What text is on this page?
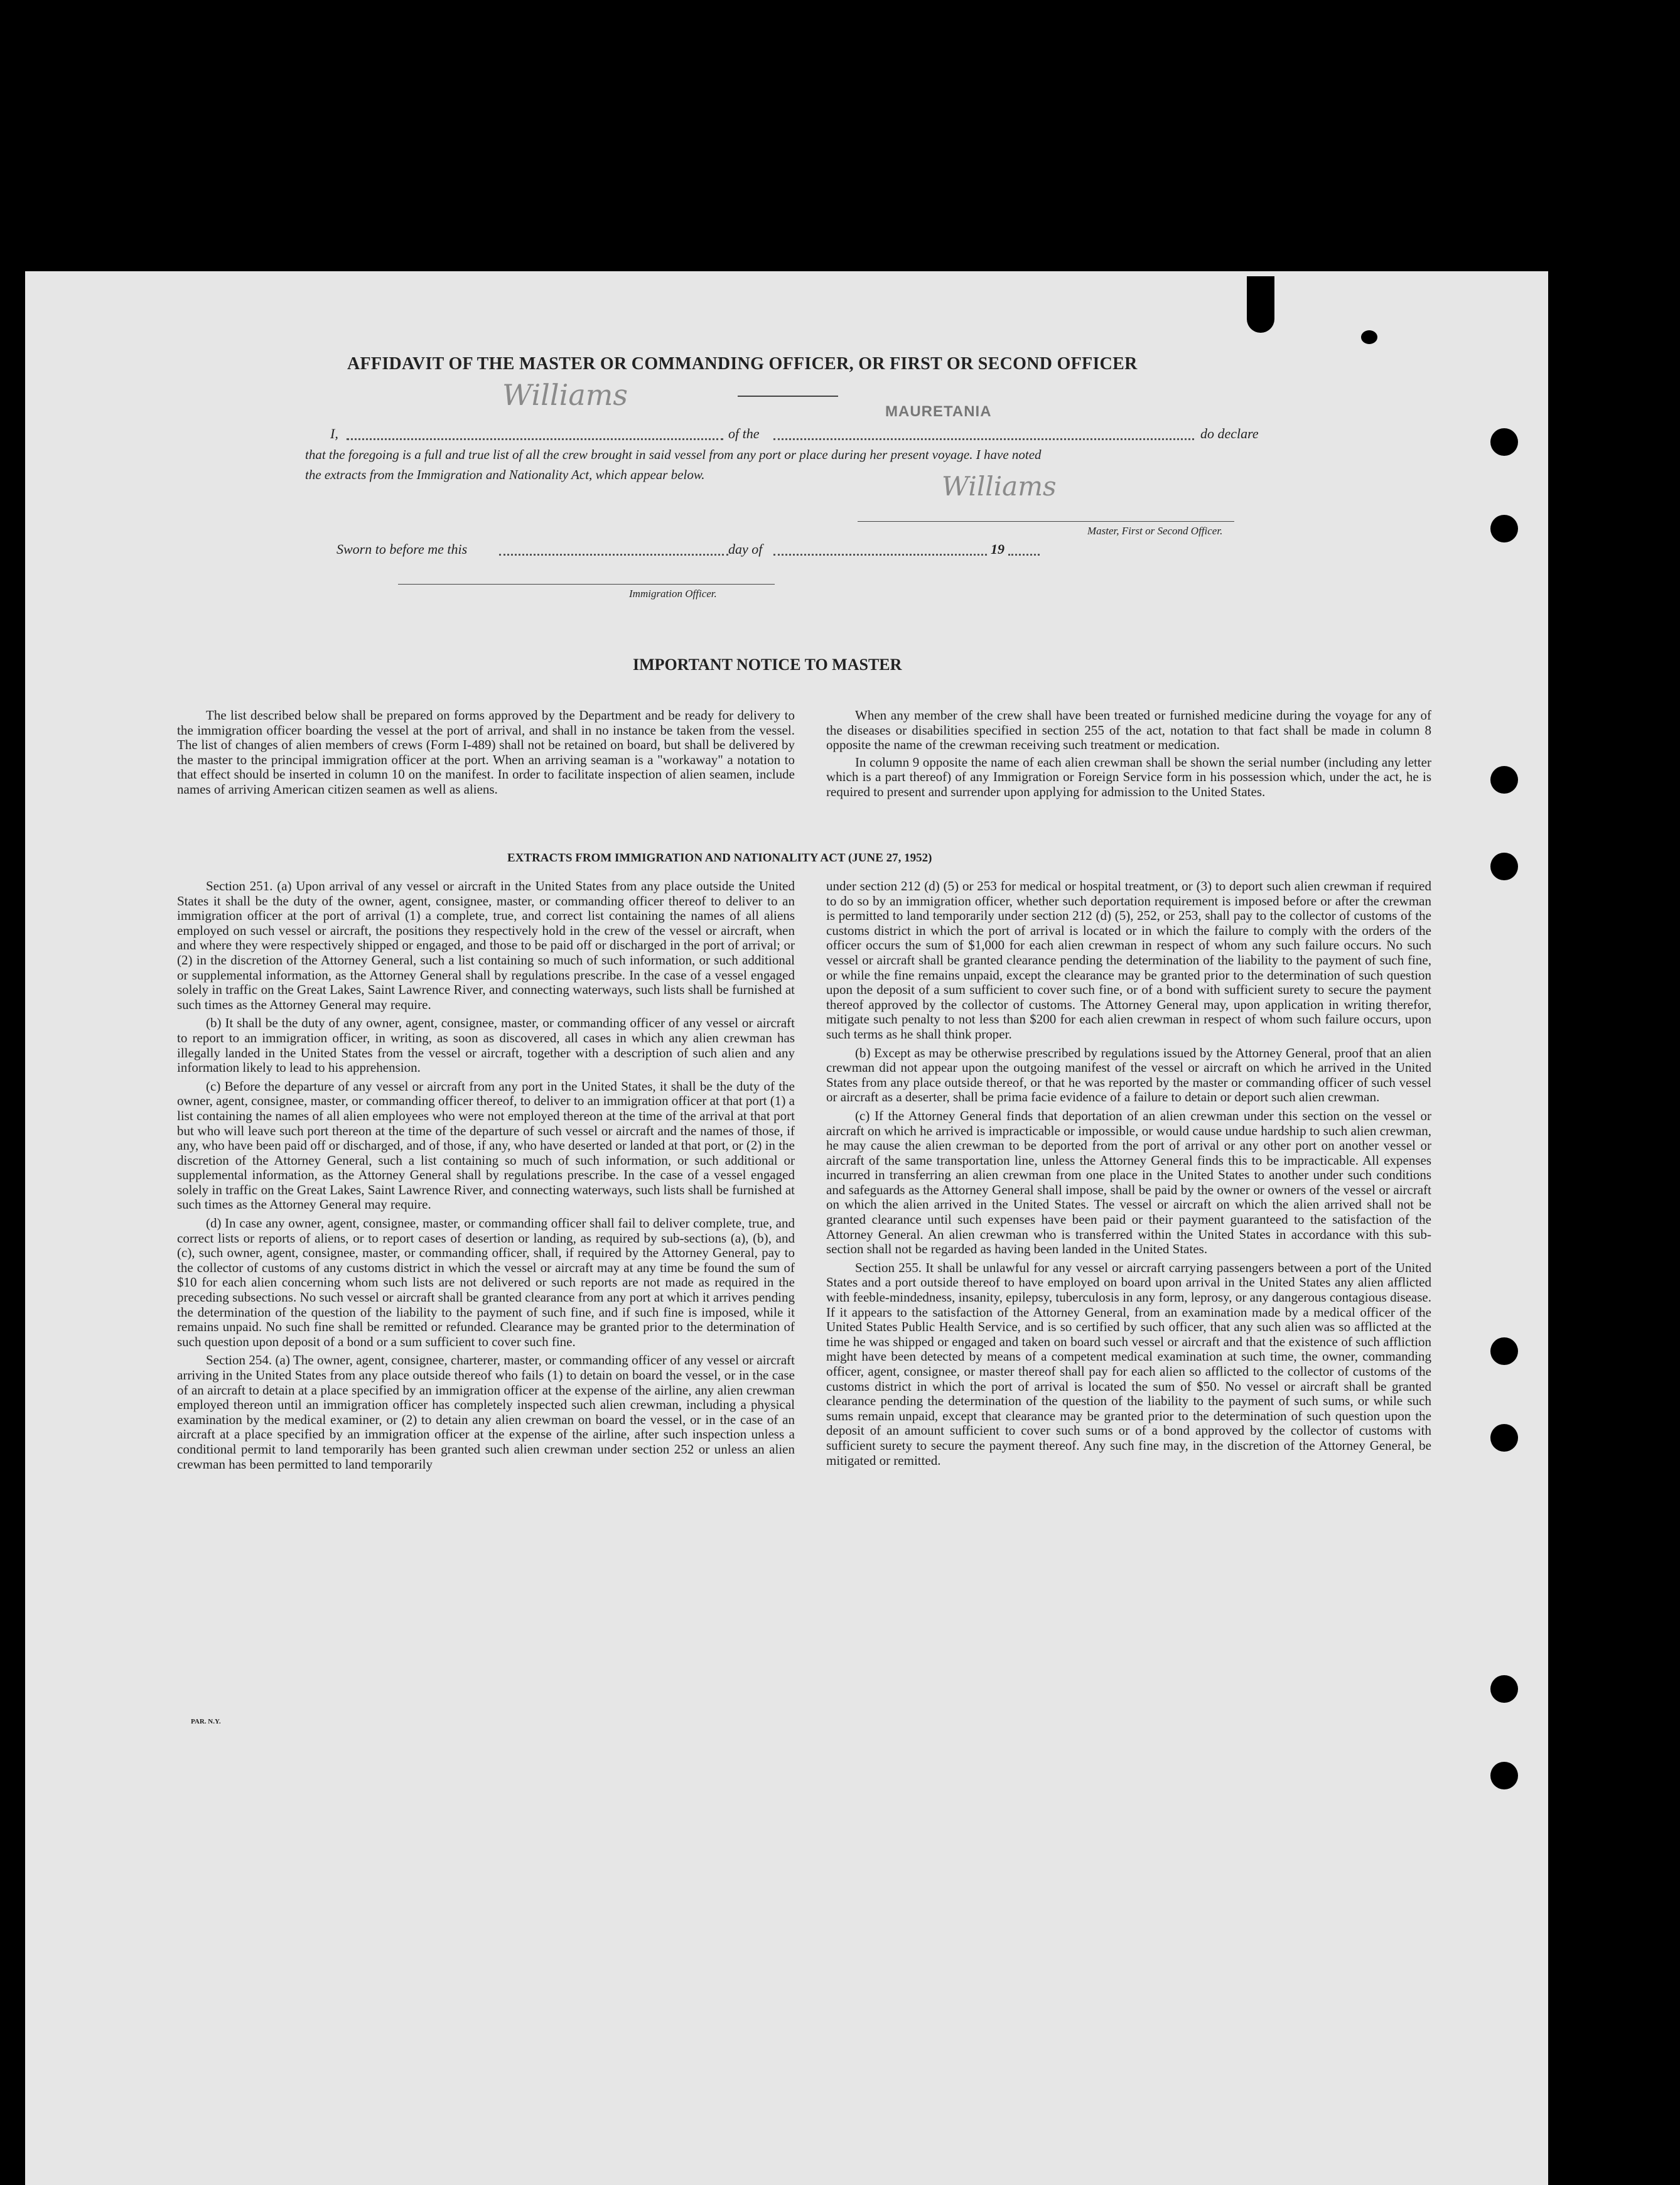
AFFIDAVIT OF THE MASTER OR COMMANDING OFFICER, OR FIRST OR SECOND OFFICER
I,
Williams
of the
MAURETANIA
do declare
that the foregoing is a full and true list of all the crew brought in said vessel from any port or place during her present voyage. I have noted
the extracts from the Immigration and Nationality Act, which appear below.	Williams
Master, First or Second Officer.
Sworn to before me this	day of	19
Immigration Officer.
IMPORTANT NOTICE TO MASTER

The list described below shall be prepared on forms approved by the Department and be ready for delivery to the immigration officer boarding the vessel at the port of arrival, and shall in no instance be taken from the vessel. The list of changes of alien members of crews (Form I-489) shall not be retained on board, but shall be delivered by the master to the principal immigration officer at the port. When an arriving seaman is a "workaway" a notation to that effect should be inserted in column 10 on the manifest. In order to facilitate inspection of alien seamen, include names of arriving American citizen seamen as well as aliens.

When any member of the crew shall have been treated or furnished medicine during the voyage for any of the diseases or disabilities specified in section 255 of the act, notation to that fact shall be made in column 8 opposite the name of the crewman receiving such treatment or medication.

In column 9 opposite the name of each alien crewman shall be shown the serial number (including any letter which is a part thereof) of any Immigration or Foreign Service form in his possession which, under the act, he is required to present and surrender upon applying for admission to the United States.

EXTRACTS FROM IMMIGRATION AND NATIONALITY ACT (JUNE 27, 1952)

Section 251. (a) Upon arrival of any vessel or aircraft in the United States from any place outside the United States it shall be the duty of the owner, agent, consignee, master, or commanding officer thereof to deliver to an immigration officer at the port of arrival (1) a complete, true, and correct list containing the names of all aliens employed on such vessel or aircraft, the positions they respectively hold in the crew of the vessel or aircraft, when and where they were respectively shipped or engaged, and those to be paid off or discharged in the port of arrival; or (2) in the discretion of the Attorney General, such a list containing so much of such information, or such additional or supplemental information, as the Attorney General shall by regulations prescribe. In the case of a vessel engaged solely in traffic on the Great Lakes, Saint Lawrence River, and connecting waterways, such lists shall be furnished at such times as the Attorney General may require.

(b) It shall be the duty of any owner, agent, consignee, master, or commanding officer of any vessel or aircraft to report to an immigration officer, in writing, as soon as discovered, all cases in which any alien crewman has illegally landed in the United States from the vessel or aircraft, together with a description of such alien and any information likely to lead to his apprehension.

(c) Before the departure of any vessel or aircraft from any port in the United States, it shall be the duty of the owner, agent, consignee, master, or commanding officer thereof, to deliver to an immigration officer at that port (1) a list containing the names of all alien employees who were not employed thereon at the time of the arrival at that port but who will leave such port thereon at the time of the departure of such vessel or aircraft and the names of those, if any, who have been paid off or discharged, and of those, if any, who have deserted or landed at that port, or (2) in the discretion of the Attorney General, such a list containing so much of such information, or such additional or supplemental information, as the Attorney General shall by regulations prescribe. In the case of a vessel engaged solely in traffic on the Great Lakes, Saint Lawrence River, and connecting waterways, such lists shall be furnished at such times as the Attorney General may require.

(d) In case any owner, agent, consignee, master, or commanding officer shall fail to deliver complete, true, and correct lists or reports of aliens, or to report cases of desertion or landing, as required by sub-sections (a), (b), and (c), such owner, agent, consignee, master, or commanding officer, shall, if required by the Attorney General, pay to the collector of customs of any customs district in which the vessel or aircraft may at any time be found the sum of $10 for each alien concerning whom such lists are not delivered or such reports are not made as required in the preceding subsections. No such vessel or aircraft shall be granted clearance from any port at which it arrives pending the determination of the question of the liability to the payment of such fine, and if such fine is imposed, while it remains unpaid. No such fine shall be remitted or refunded. Clearance may be granted prior to the determination of such question upon deposit of a bond or a sum sufficient to cover such fine.

Section 254. (a) The owner, agent, consignee, charterer, master, or commanding officer of any vessel or aircraft arriving in the United States from any place outside thereof who fails (1) to detain on board the vessel, or in the case of an aircraft to detain at a place specified by an immigration officer at the expense of the airline, any alien crewman employed thereon until an immigration officer has completely inspected such alien crewman, including a physical examination by the medical examiner, or (2) to detain any alien crewman on board the vessel, or in the case of an aircraft at a place specified by an immigration officer at the expense of the airline, after such inspection unless a conditional permit to land temporarily has been granted such alien crewman under section 252 or unless an alien crewman has been permitted to land temporarily

under section 212 (d) (5) or 253 for medical or hospital treatment, or (3) to deport such alien crewman if required to do so by an immigration officer, whether such deportation requirement is imposed before or after the crewman is permitted to land temporarily under section 212 (d) (5), 252, or 253, shall pay to the collector of customs of the customs district in which the port of arrival is located or in which the failure to comply with the orders of the officer occurs the sum of $1,000 for each alien crewman in respect of whom any such failure occurs. No such vessel or aircraft shall be granted clearance pending the determination of the liability to the payment of such fine, or while the fine remains unpaid, except the clearance may be granted prior to the determination of such question upon the deposit of a sum sufficient to cover such fine, or of a bond with sufficient surety to secure the payment thereof approved by the collector of customs. The Attorney General may, upon application in writing therefor, mitigate such penalty to not less than $200 for each alien crewman in respect of whom such failure occurs, upon such terms as he shall think proper.

(b) Except as may be otherwise prescribed by regulations issued by the Attorney General, proof that an alien crewman did not appear upon the outgoing manifest of the vessel or aircraft on which he arrived in the United States from any place outside thereof, or that he was reported by the master or commanding officer of such vessel or aircraft as a deserter, shall be prima facie evidence of a failure to detain or deport such alien crewman.

(c) If the Attorney General finds that deportation of an alien crewman under this section on the vessel or aircraft on which he arrived is impracticable or impossible, or would cause undue hardship to such alien crewman, he may cause the alien crewman to be deported from the port of arrival or any other port on another vessel or aircraft of the same transportation line, unless the Attorney General finds this to be impracticable. All expenses incurred in transferring an alien crewman from one place in the United States to another under such conditions and safeguards as the Attorney General shall impose, shall be paid by the owner or owners of the vessel or aircraft on which the alien arrived in the United States. The vessel or aircraft on which the alien arrived shall not be granted clearance until such expenses have been paid or their payment guaranteed to the satisfaction of the Attorney General. An alien crewman who is transferred within the United States in accordance with this sub-section shall not be regarded as having been landed in the United States.

Section 255. It shall be unlawful for any vessel or aircraft carrying passengers between a port of the United States and a port outside thereof to have employed on board upon arrival in the United States any alien afflicted with feeble-mindedness, insanity, epilepsy, tuberculosis in any form, leprosy, or any dangerous contagious disease. If it appears to the satisfaction of the Attorney General, from an examination made by a medical officer of the United States Public Health Service, and is so certified by such officer, that any such alien was so afflicted at the time he was shipped or engaged and taken on board such vessel or aircraft and that the existence of such affliction might have been detected by means of a competent medical examination at such time, the owner, commanding officer, agent, consignee, or master thereof shall pay for each alien so afflicted to the collector of customs of the customs district in which the port of arrival is located the sum of $50. No vessel or aircraft shall be granted clearance pending the determination of the question of the liability to the payment of such sums, or while such sums remain unpaid, except that clearance may be granted prior to the determination of such question upon the deposit of an amount sufficient to cover such sums or of a bond approved by the collector of customs with sufficient surety to secure the payment thereof. Any such fine may, in the discretion of the Attorney General, be mitigated or remitted.

PAR. N.Y.
